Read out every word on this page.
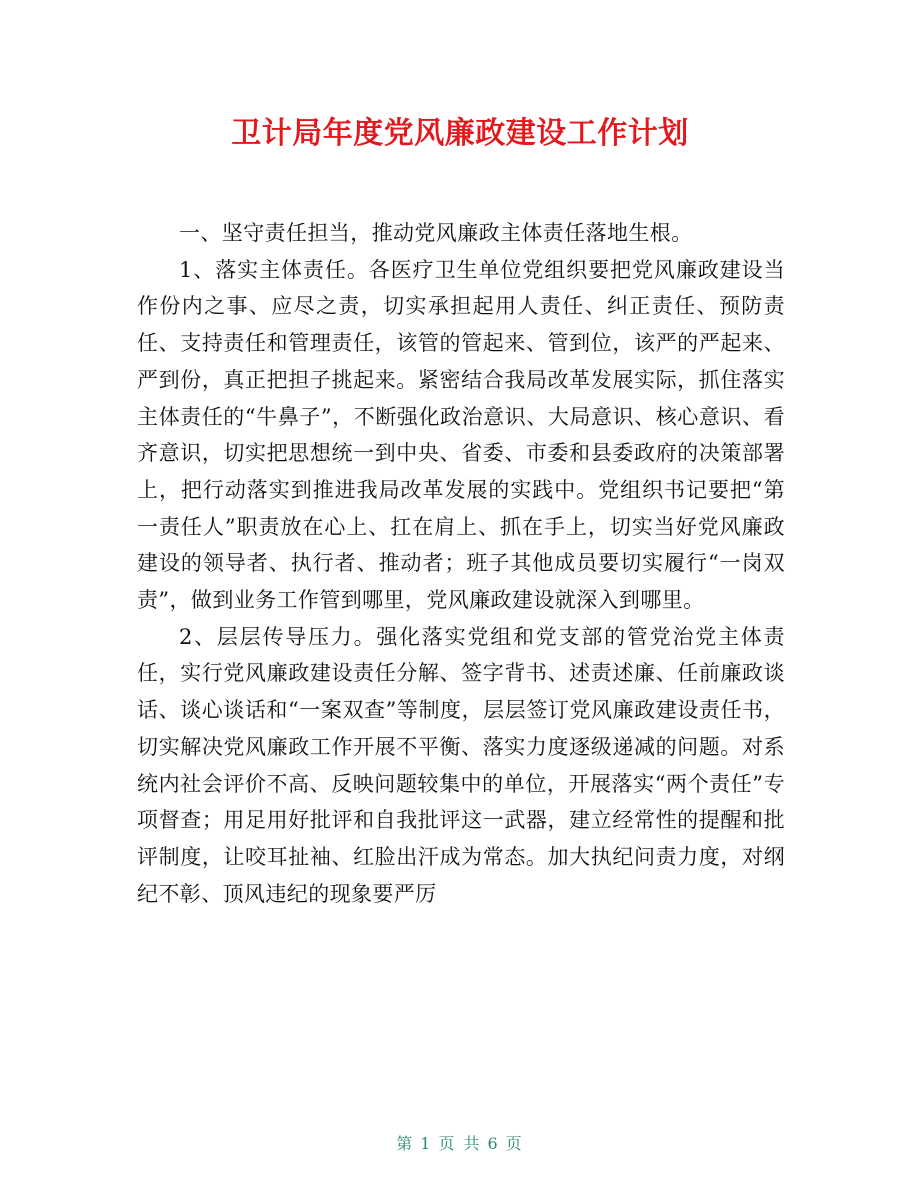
卫计局年度党风廉政建设工作计划

一、坚守责任担当，推动党风廉政主体责任落地生根。

1、落实主体责任。各医疗卫生单位党组织要把党风廉政建设当作份内之事、应尽之责，切实承担起用人责任、纠正责任、预防责任、支持责任和管理责任，该管的管起来、管到位，该严的严起来、严到份，真正把担子挑起来。紧密结合我局改革发展实际，抓住落实主体责任的“牛鼻子”，不断强化政治意识、大局意识、核心意识、看齐意识，切实把思想统一到中央、省委、市委和县委政府的决策部署上，把行动落实到推进我局改革发展的实践中。党组织书记要把“第一责任人”职责放在心上、扛在肩上、抓在手上，切实当好党风廉政建设的领导者、执行者、推动者；班子其他成员要切实履行“一岗双责”，做到业务工作管到哪里，党风廉政建设就深入到哪里。

2、层层传导压力。强化落实党组和党支部的管党治党主体责任，实行党风廉政建设责任分解、签字背书、述责述廉、任前廉政谈话、谈心谈话和“一案双查”等制度，层层签订党风廉政建设责任书，切实解决党风廉政工作开展不平衡、落实力度逐级递减的问题。对系统内社会评价不高、反映问题较集中的单位，开展落实“两个责任”专项督查；用足用好批评和自我批评这一武器，建立经常性的提醒和批评制度，让咬耳扯袖、红脸出汗成为常态。加大执纪问责力度，对纲纪不彰、顶风违纪的现象要严厉

第 1 页 共 6 页
